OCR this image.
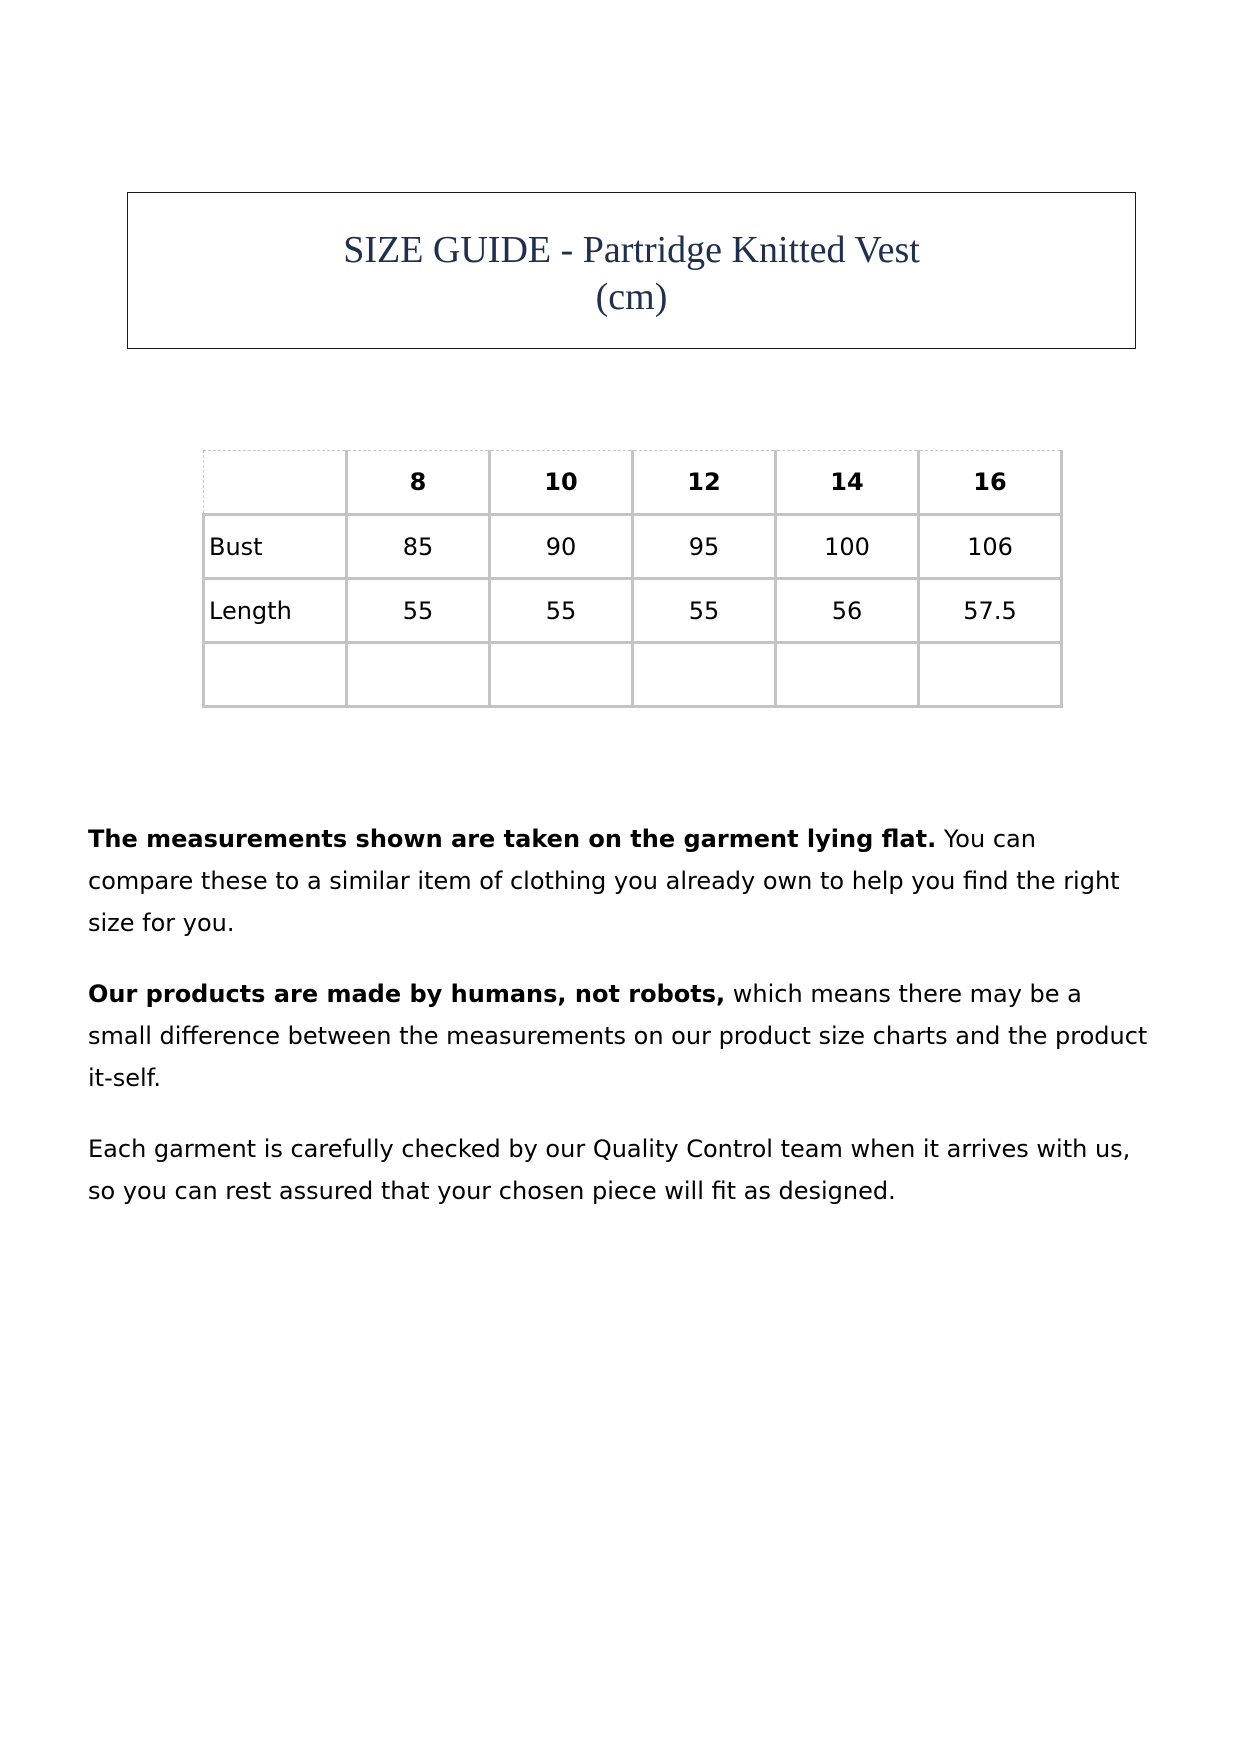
SIZE GUIDE - Partridge Knitted Vest
(cm)
	8	10	12	14	16
Bust	85	90	95	100	106
Length	55	55	55	56	57.5

The measurements shown are taken on the garment lying flat. You can compare these to a similar item of clothing you already own to help you find the right size for you.

Our products are made by humans, not robots, which means there may be a small difference between the measurements on our product size charts and the product it-self.

Each garment is carefully checked by our Quality Control team when it arrives with us, so you can rest assured that your chosen piece will fit as designed.
